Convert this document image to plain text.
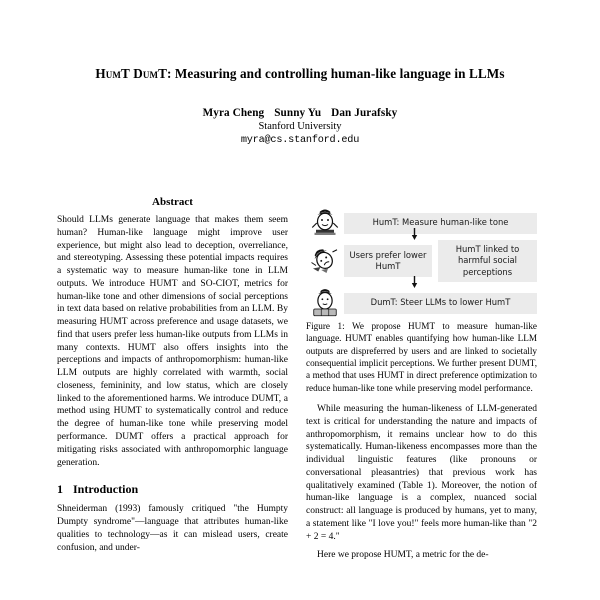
HumT DumT: Measuring and controlling human-like language in LLMs
Myra Cheng Sunny Yu Dan Jurafsky
Stanford University
myra@cs.stanford.edu
Abstract

Should LLMs generate language that makes them seem human? Human-like language might improve user experience, but might also lead to deception, overreliance, and stereotyping. Assessing these potential impacts requires a systematic way to measure human-like tone in LLM outputs. We introduce HUMT and SO-CIOT, metrics for human-like tone and other dimensions of social perceptions in text data based on relative probabilities from an LLM. By measuring HUMT across preference and usage datasets, we find that users prefer less human-like outputs from LLMs in many contexts. HUMT also offers insights into the perceptions and impacts of anthropomorphism: human-like LLM outputs are highly correlated with warmth, social closeness, femininity, and low status, which are closely linked to the aforementioned harms. We introduce DUMT, a method using HUMT to systematically control and reduce the degree of human-like tone while preserving model performance. DUMT offers a practical approach for mitigating risks associated with anthropomorphic language generation.

1 Introduction

Shneiderman (1993) famously critiqued "the Humpty Dumpty syndrome"—language that attributes human-like qualities to technology—as it can mislead users, create confusion, and under-

HumT: Measure human-like tone
Users prefer lower HumT
HumT linked to harmful social perceptions
DumT: Steer LLMs to lower HumT

Figure 1: We propose HUMT to measure human-like language. HUMT enables quantifying how human-like LLM outputs are dispreferred by users and are linked to societally consequential implicit perceptions. We further present DUMT, a method that uses HUMT in direct preference optimization to reduce human-like tone while preserving model performance.

While measuring the human-likeness of LLM-generated text is critical for understanding the nature and impacts of anthropomorphism, it remains unclear how to do this systematically. Human-likeness encompasses more than the individual linguistic features (like pronouns or conversational pleasantries) that previous work has qualitatively examined (Table 1). Moreover, the notion of human-like language is a complex, nuanced social construct: all language is produced by humans, yet to many, a statement like "I love you!" feels more human-like than "2 + 2 = 4."

Here we propose HUMT, a metric for the de-
